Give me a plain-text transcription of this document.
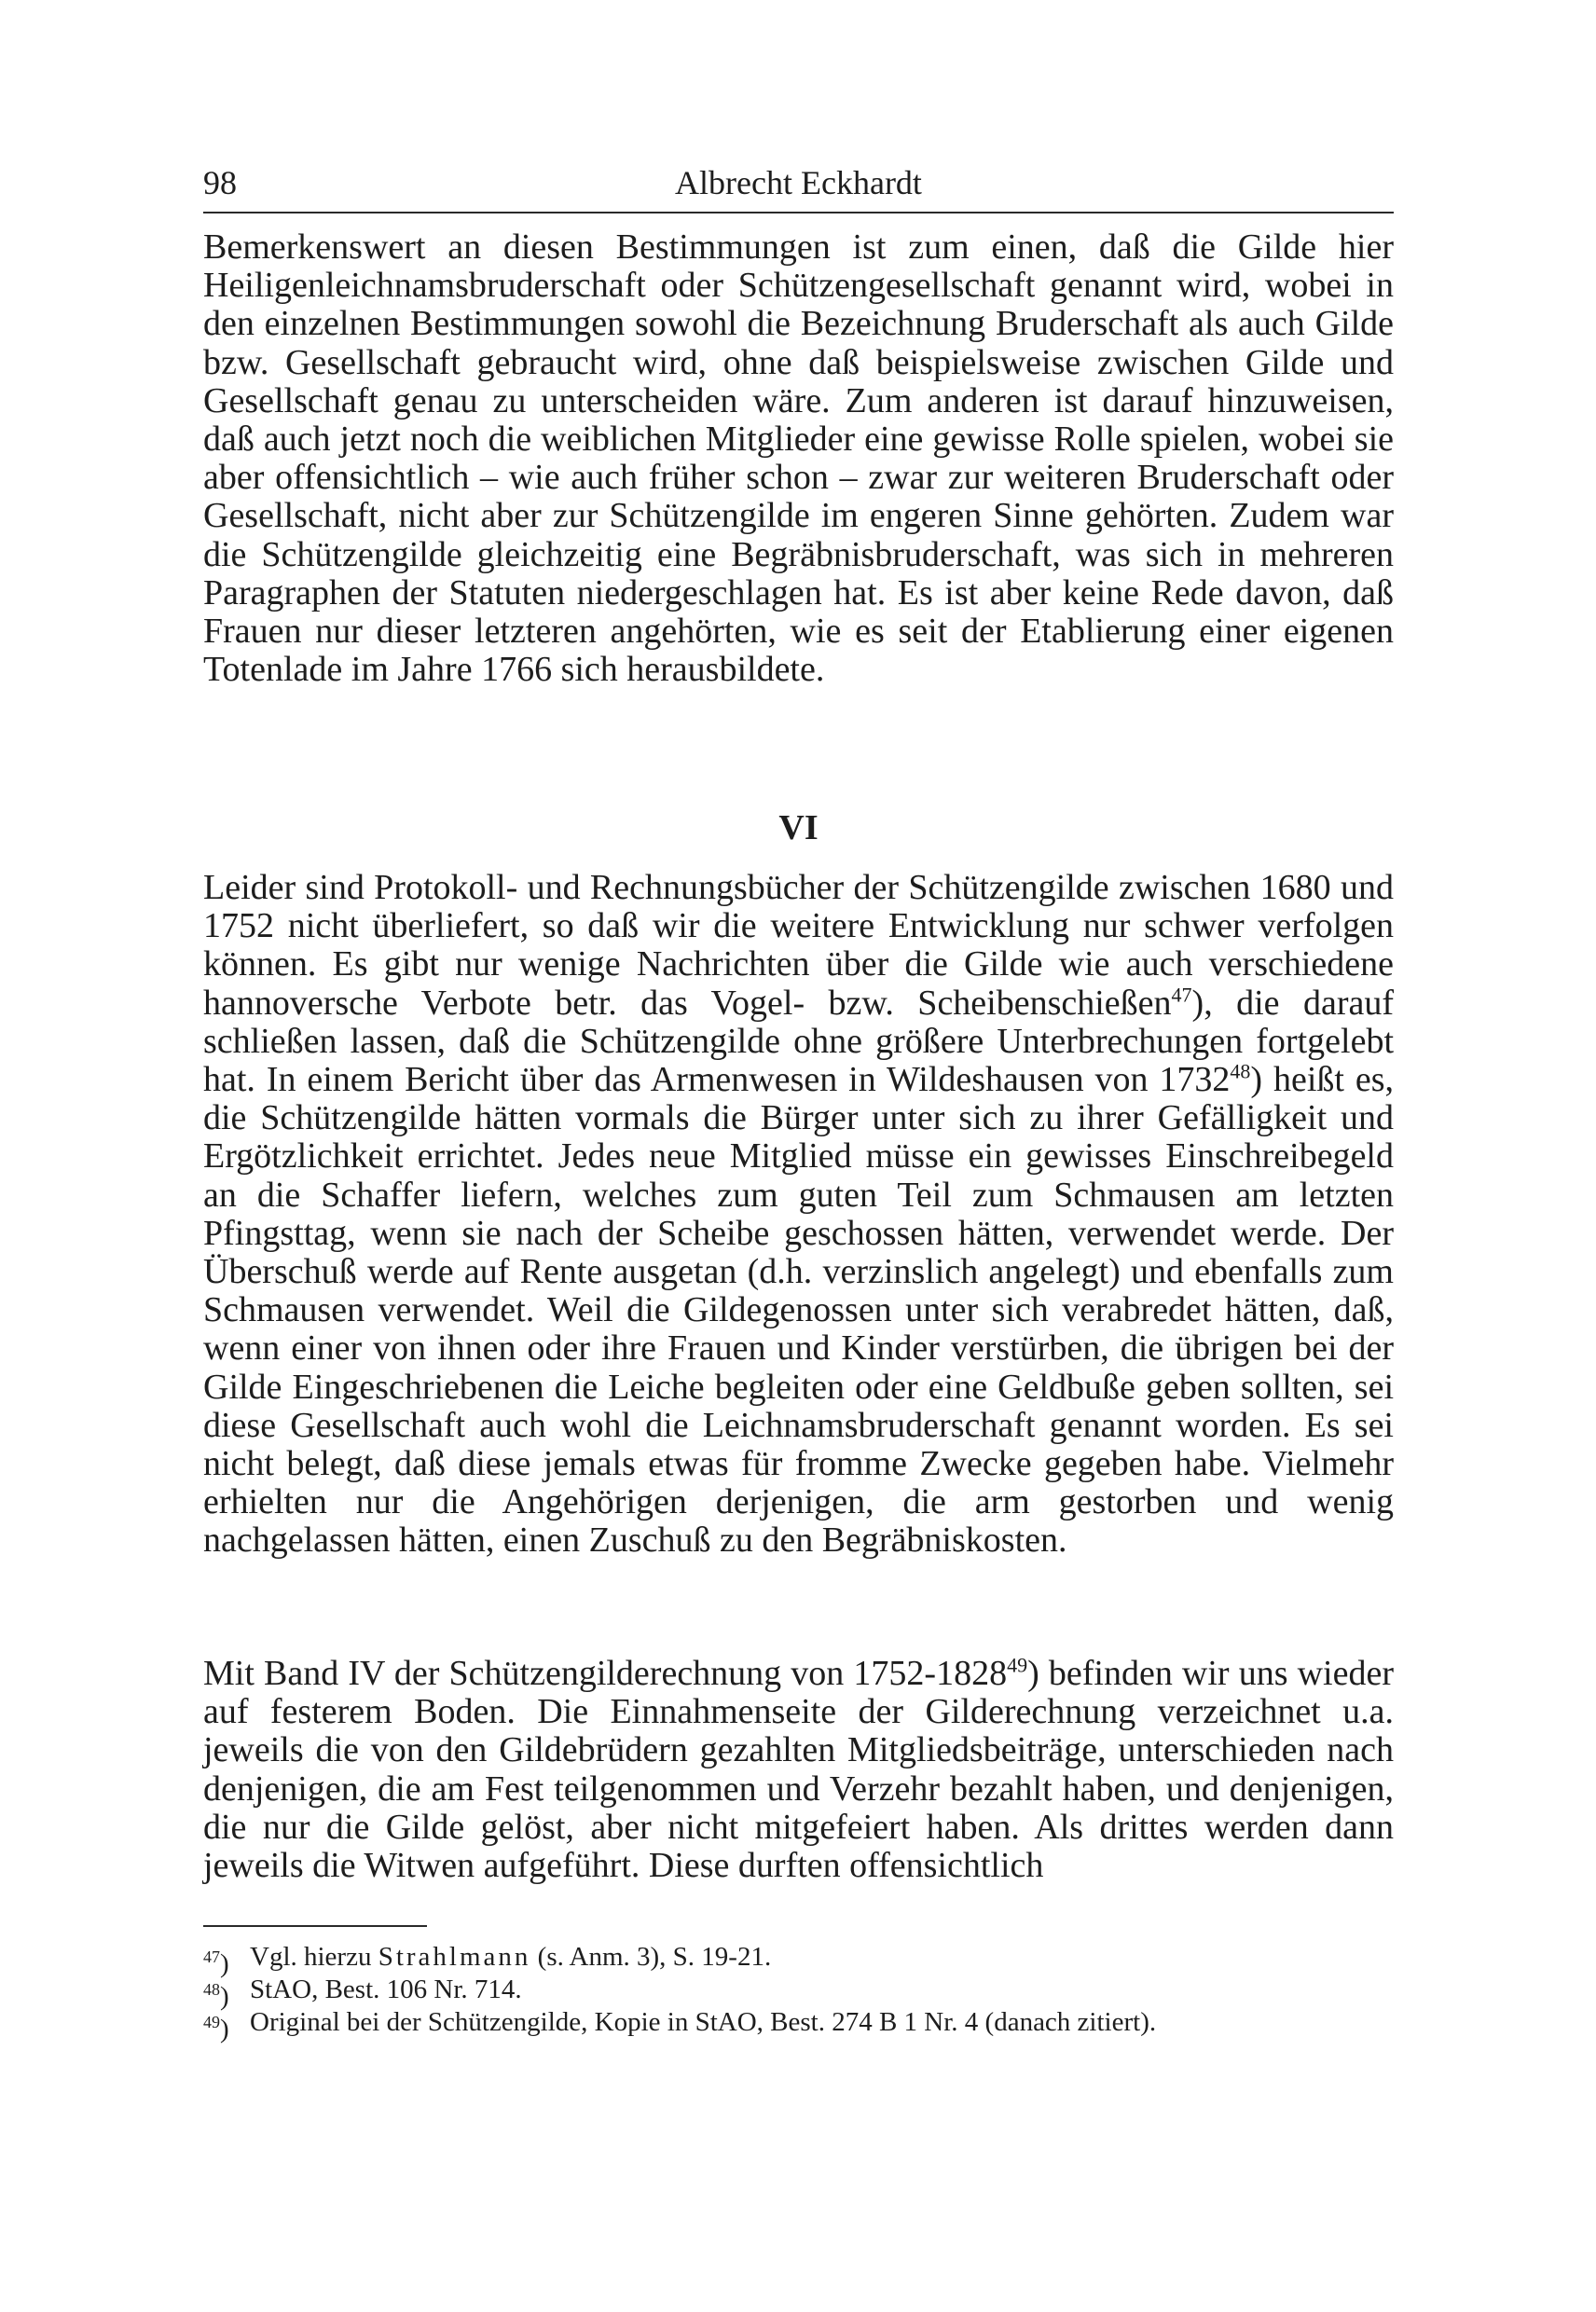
98	Albrecht Eckhardt

Bemerkenswert an diesen Bestimmungen ist zum einen, daß die Gilde hier Heiligenleichnamsbruderschaft oder Schützengesellschaft genannt wird, wobei in den einzelnen Bestimmungen sowohl die Bezeichnung Bruderschaft als auch Gilde bzw. Gesellschaft gebraucht wird, ohne daß beispielsweise zwischen Gilde und Gesellschaft genau zu unterscheiden wäre. Zum anderen ist darauf hinzuweisen, daß auch jetzt noch die weiblichen Mitglieder eine gewisse Rolle spielen, wobei sie aber offensichtlich – wie auch früher schon – zwar zur weiteren Bruderschaft oder Gesellschaft, nicht aber zur Schützengilde im engeren Sinne gehörten. Zudem war die Schützengilde gleichzeitig eine Begräbnisbruderschaft, was sich in mehreren Paragraphen der Statuten niedergeschlagen hat. Es ist aber keine Rede davon, daß Frauen nur dieser letzteren angehörten, wie es seit der Etablierung einer eigenen Totenlade im Jahre 1766 sich herausbildete.

VI

Leider sind Protokoll- und Rechnungsbücher der Schützengilde zwischen 1680 und 1752 nicht überliefert, so daß wir die weitere Entwicklung nur schwer verfolgen können. Es gibt nur wenige Nachrichten über die Gilde wie auch verschiedene hannoversche Verbote betr. das Vogel- bzw. Scheibenschießen$^{47}$), die darauf schließen lassen, daß die Schützengilde ohne größere Unterbrechungen fortgelebt hat. In einem Bericht über das Armenwesen in Wildeshausen von 1732$^{48}$) heißt es, die Schützengilde hätten vormals die Bürger unter sich zu ihrer Gefälligkeit und Ergötzlichkeit errichtet. Jedes neue Mitglied müsse ein gewisses Einschreibegeld an die Schaffer liefern, welches zum guten Teil zum Schmausen am letzten Pfingsttag, wenn sie nach der Scheibe geschossen hätten, verwendet werde. Der Überschuß werde auf Rente ausgetan (d.h. verzinslich angelegt) und ebenfalls zum Schmausen verwendet. Weil die Gildegenossen unter sich verabredet hätten, daß, wenn einer von ihnen oder ihre Frauen und Kinder verstürben, die übrigen bei der Gilde Eingeschriebenen die Leiche begleiten oder eine Geldbuße geben sollten, sei diese Gesellschaft auch wohl die Leichnamsbruderschaft genannt worden. Es sei nicht belegt, daß diese jemals etwas für fromme Zwecke gegeben habe. Vielmehr erhielten nur die Angehörigen derjenigen, die arm gestorben und wenig nachgelassen hätten, einen Zuschuß zu den Begräbniskosten.

Mit Band IV der Schützengilderechnung von 1752-1828$^{49}$) befinden wir uns wieder auf festerem Boden. Die Einnahmenseite der Gilderechnung verzeichnet u.a. jeweils die von den Gildebrüdern gezahlten Mitgliedsbeiträge, unterschieden nach denjenigen, die am Fest teilgenommen und Verzehr bezahlt haben, und denjenigen, die nur die Gilde gelöst, aber nicht mitgefeiert haben. Als drittes werden dann jeweils die Witwen aufgeführt. Diese durften offensichtlich

$^{47}$) Vgl. hierzu Strahlmann (s. Anm. 3), S. 19-21.
$^{48}$) StAO, Best. 106 Nr. 714.
$^{49}$) Original bei der Schützengilde, Kopie in StAO, Best. 274 B 1 Nr. 4 (danach zitiert).
